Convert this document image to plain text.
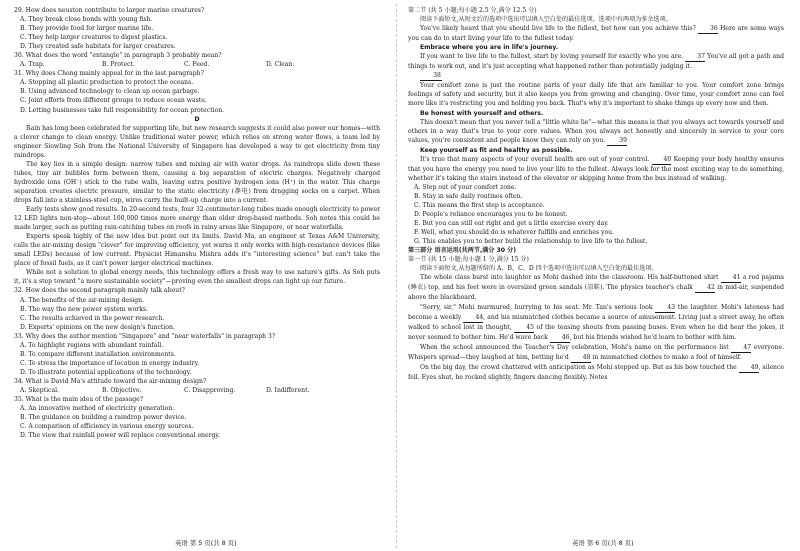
29. How does neuston contribute to larger marine creatures?

A. They break close bonds with young fish.

B. They provide food for larger marine life.

C. They help larger creatures to digest plastics.

D. They created safe habitats for larger creatures.

30. What does the word "entangle" in paragraph 3 probably mean?

A. Trap.	B. Protect.	C. Feed.	D. Clean.

31. Why does Chong mainly appeal for in the last paragraph?

A. Stopping all plastic production to protect the oceans.

B. Using advanced technology to clean up ocean garbage.

C. Joint efforts from different groups to reduce ocean waste.

D. Letting businesses take full responsibility for ocean protection.

D

Rain has long been celebrated for supporting life, but new research suggests it could also power our homes—with a clever change to clean energy. Unlike traditional water power, which relies on strong water flows, a team led by engineer Siowling Soh from the National University of Singapore has developed a way to get electricity from tiny raindrops.

The key lies in a simple design: narrow tubes and mixing air with water drops. As raindrops slide down these tubes, tiny air bubbles form between them, causing a big separation of electric charges. Negatively charged hydroxide ions (OH⁻) stick to the tube walls, leaving extra positive hydrogen ions (H⁺) in the water. This charge separation creates electric pressure, similar to the static electricity (静电) from dragging socks on a carpet. When drops fall into a stainless-steel cup, wires carry the built-up charge into a current.

Early tests show good results. In 20-second tests, four 32-centimeter-long tubes made enough electricity to power 12 LED lights non-stop—about 100,000 times more energy than older drop-based methods. Soh notes this could be made larger, such as putting rain-catching tubes on roofs in rainy areas like Singapore, or near waterfalls.

Experts speak highly of the new idea but point out its limits. David Ma, an engineer at Texas A&M University, calls the air-mixing design "clever" for improving efficiency, yet warns it only works with high-resistance devices (like small LEDs) because of low current. Physicist Himanshu Mishra adds it's "interesting science" but can't take the place of fossil fuels, as it can't power larger electrical machines.

While not a solution to global energy needs, this technology offers a fresh way to use nature's gifts. As Soh puts it, it's a step toward "a more sustainable society"—proving even the smallest drops can light up our future.

32. How does the second paragraph mainly talk about?

A. The benefits of the air-mixing design.

B. The way the new power system works.

C. The results achieved in the power research.

D. Experts' opinions on the new design's function.

33. Why does the author mention "Singapore" and "near waterfalls" in paragraph 3?

A. To highlight regions with abundant rainfall.

B. To compare different installation environments.

C. To stress the importance of location in energy industry.

D. To illustrate potential applications of the technology.

34. What is David Ma's attitude toward the air-mixing design?

A. Skeptical.	B. Objective.	C. Disapproving.	D. Indifferent.

35. What is the main idea of the passage?

A. An innovative method of electricity generation.

B. The guidance on building a raindrop power device.

C. A comparison of efficiency in various energy sources.

D. The view that rainfall power will replace conventional energy.

英语 第 5 页(共 8 页)

第二节 (共 5 小题;每小题 2.5 分,满分 12.5 分)

阅读下面短文,从短文后的选项中选出可以填入空白处的最佳选项。选项中有两项为多余选项。

You've likely heard that you should live life to the fullest, but how can you achieve this? 36 Here are some ways you can do to start living your life to the fullest today.

Embrace where you are in life's journey.

If you want to live life to the fullest, start by loving yourself for exactly who you are. 37 You've all got a path and things to work out, and it's just accepting what happened rather than potentially judging it.

38

Your comfort zone is just the routine parts of your daily life that are familiar to you. Your comfort zone brings feelings of safety and security, but it also keeps you from growing and changing. Over time, your comfort zone can feel more like it's restricting you and holding you back. That's why it's important to shake things up every now and then.

Be honest with yourself and others.

This doesn't mean that you never tell a "little white lie"—what this means is that you always act towards yourself and others in a way that's true to your core values. When you always act honestly and sincerely in service to your core values, you're consistent and people know they can rely on you. 39

Keep yourself as fit and healthy as possible.

It's true that many aspects of your overall health are out of your control. 40 Keeping your body healthy ensures that you have the energy you need to live your life to the fullest. Always look for the most exciting way to do something, whether it's taking the stairs instead of the elevator or skipping home from the bus instead of walking.

A. Step out of your comfort zone.

B. Stay in safe daily routines often.

C. This means the first step is acceptance.

D. People's reliance encourages you to be honest.

E. But you can still eat right and get a little exercise every day.

F. Well, what you should do is whatever fulfills and enriches you.

G. This enables you to better build the relationship to live life to the fullest.

第三部分 语言运用(共两节,满分 30 分)

第一节 (共 15 小题;每小题 1 分,满分 15 分)

阅读下面短文,从每题所给的 A、B、C、D 四个选项中选出可以填入空白处的最佳选项。

The whole class burst into laughter as Mohi dashed into the classroom. His half-buttoned shirt 41 a red pajama (睡衣) top, and his feet were in oversized green sandals (凉鞋). The physics teacher's chalk 42 in mid-air, suspended above the blackboard.

"Sorry, sir," Mohi murmured, hurrying to his seat. Mr. Tan's serious look 43 the laughter. Mohi's lateness had become a weekly 44, and his mismatched clothes became a source of amusement. Living just a street away, he often walked to school lost in thought, 45 of the teasing shouts from passing buses. Even when he did hear the jokes, it never seemed to bother him. He'd wave back 46, but his friends wished he'd learn to bother with him.

When the school announced the Teacher's Day celebration, Mohi's name on the performance list 47 everyone. Whispers spread—they laughed at him, betting he'd 48 in mismatched clothes to make a fool of himself.

On the big day, the crowd chattered with anticipation as Mohi stepped up. But as his bow touched the 49, silence fell. Eyes shut, he rocked slightly, fingers dancing flexibly. Notes

英语 第 6 页(共 8 页)
